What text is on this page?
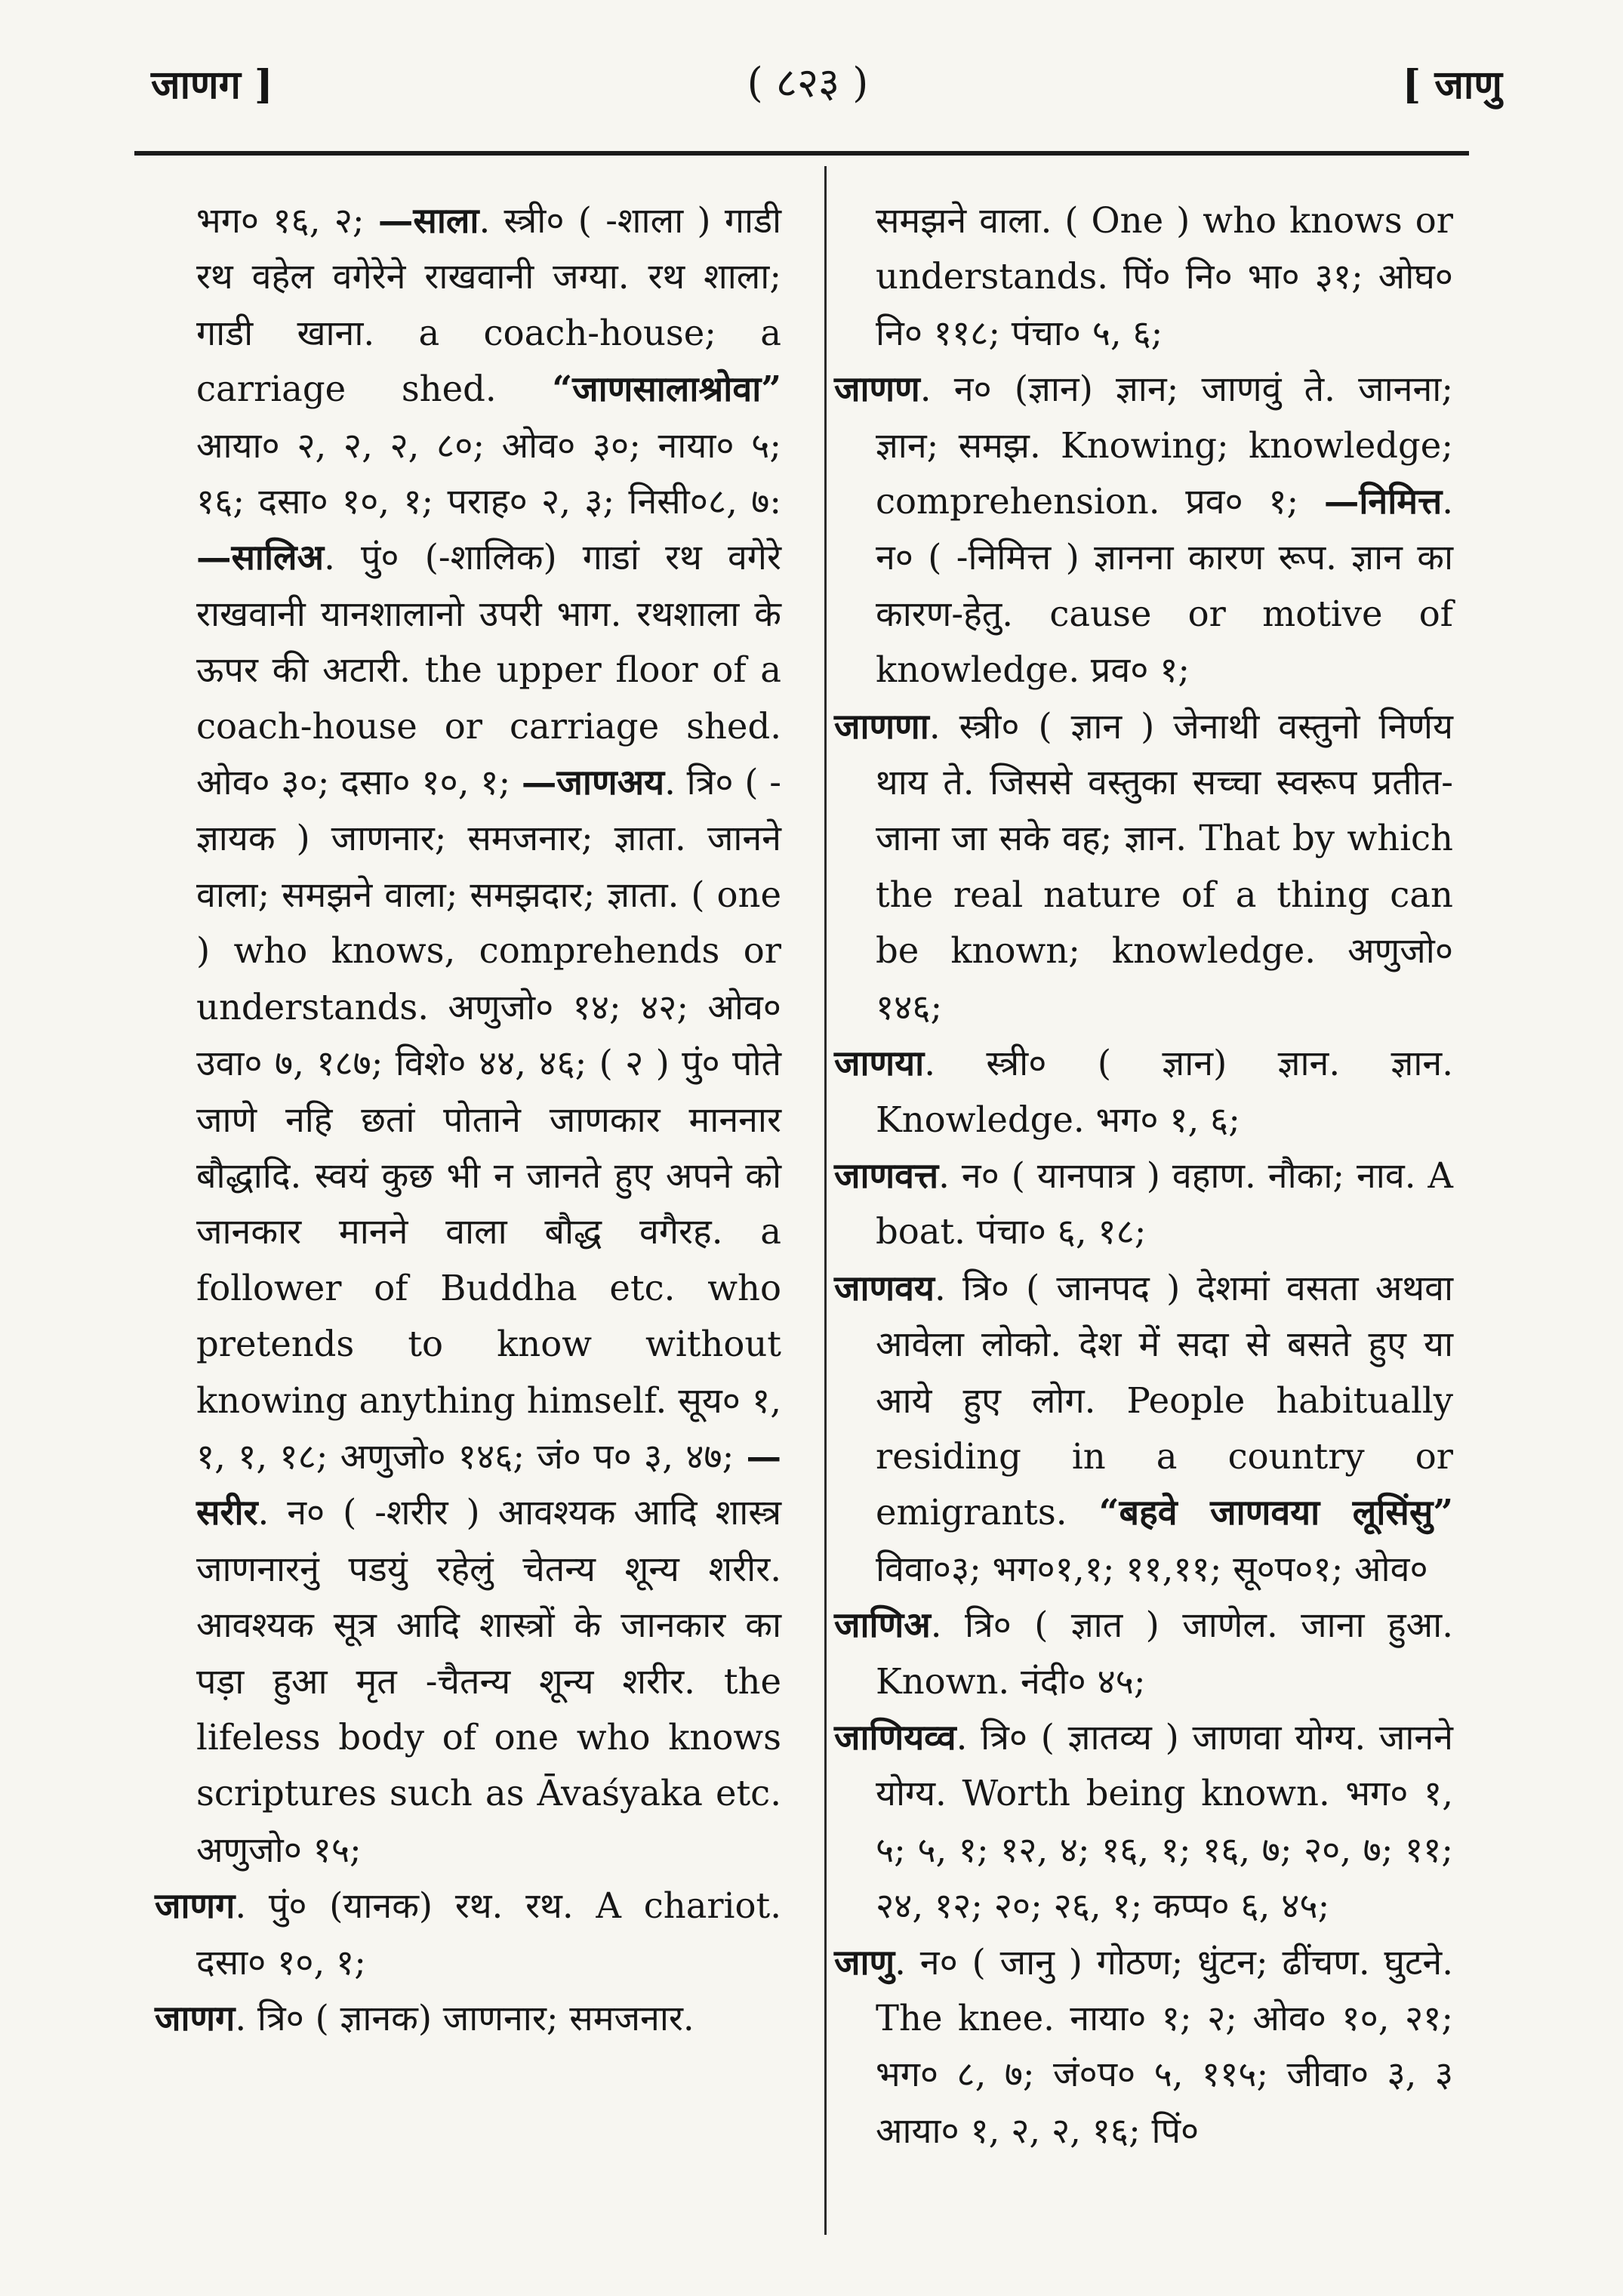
जाणग ]	( ८२३ )	[ जाणु

भग० १६, २; —साला. स्त्री० ( -शाला ) गाडी रथ वहेल वगेरेने राखवानी जग्या. रथ शाला; गाडी खाना. a coach-house; a carriage shed. “जाणसालाश्रोवा” आया० २, २, २, ८०; ओव० ३०; नाया० ५; १६; दसा० १०, १; पराह० २, ३; निसी०८, ७: —सालिअ. पुं० (-शालिक) गाडां रथ वगेरे राखवानी यानशालानो उपरी भाग. रथशाला के ऊपर की अटारी. the upper floor of a coach-house or carriage shed. ओव० ३०; दसा० १०, १; —जाणअय. त्रि० ( -ज्ञायक ) जाणनार; समजनार; ज्ञाता. जानने वाला; समझने वाला; समझदार; ज्ञाता. ( one ) who knows, comprehends or understands. अणुजो० १४; ४२; ओव० उवा० ७, १८७; विशे० ४४, ४६; ( २ ) पुं० पोते जाणे नहि छतां पोताने जाणकार माननार बौद्धादि. स्वयं कुछ भी न जानते हुए अपने को जानकार मानने वाला बौद्ध वगैरह. a follower of Buddha etc. who pretends to know without knowing anything himself. सूय० १, १, १, १८; अणुजो० १४६; जं० प० ३, ४७; —सरीर. न० ( -शरीर ) आवश्यक आदि शास्त्र जाणनारनुं पडयुं रहेलुं चेतन्य शून्य शरीर. आवश्यक सूत्र आदि शास्त्रों के जानकार का पड़ा हुआ मृत -चैतन्य शून्य शरीर. the lifeless body of one who knows scriptures such as Āvaśyaka etc. अणुजो० १५;

जाणग. पुं० (यानक) रथ. रथ. A chariot. दसा० १०, १;

जाणग. त्रि० ( ज्ञानक) जाणनार; समजनार.

समझने वाला. ( One ) who knows or understands. पिं० नि० भा० ३१; ओघ० नि० ११८; पंचा० ५, ६;

जाणण. न० (ज्ञान) ज्ञान; जाणवुं ते. जानना; ज्ञान; समझ. Knowing; knowledge; comprehension. प्रव० १; —निमित्त. न० ( -निमित्त ) ज्ञानना कारण रूप. ज्ञान का कारण-हेतु. cause or motive of knowledge. प्रव० १;

जाणणा. स्त्री० ( ज्ञान ) जेनाथी वस्तुनो निर्णय थाय ते. जिससे वस्तुका सच्चा स्वरूप प्रतीत-जाना जा सके वह; ज्ञान. That by which the real nature of a thing can be known; knowledge. अणुजो० १४६;

जाणया. स्त्री० ( ज्ञान) ज्ञान. ज्ञान. Knowledge. भग० १, ६;

जाणवत्त. न० ( यानपात्र ) वहाण. नौका; नाव. A boat. पंचा० ६, १८;

जाणवय. त्रि० ( जानपद ) देशमां वसता अथवा आवेला लोको. देश में सदा से बसते हुए या आये हुए लोग. People habitually residing in a country or emigrants. “बहवे जाणवया लूसिंसु” विवा०३; भग०१,१; ११,११; सू०प०१; ओव०

जाणिअ. त्रि० ( ज्ञात ) जाणेल. जाना हुआ. Known. नंदी० ४५;

जाणियव्व. त्रि० ( ज्ञातव्य ) जाणवा योग्य. जानने योग्य. Worth being known. भग० १, ५; ५, १; १२, ४; १६, १; १६, ७; २०, ७; ११; २४, १२; २०; २६, १; कप्प० ६, ४५;

जाणु. न० ( जानु ) गोठण; धुंटन; ढींचण. घुटने. The knee. नाया० १; २; ओव० १०, २१; भग० ८, ७; जं०प० ५, ११५; जीवा० ३, ३ आया० १, २, २, १६; पिं०
